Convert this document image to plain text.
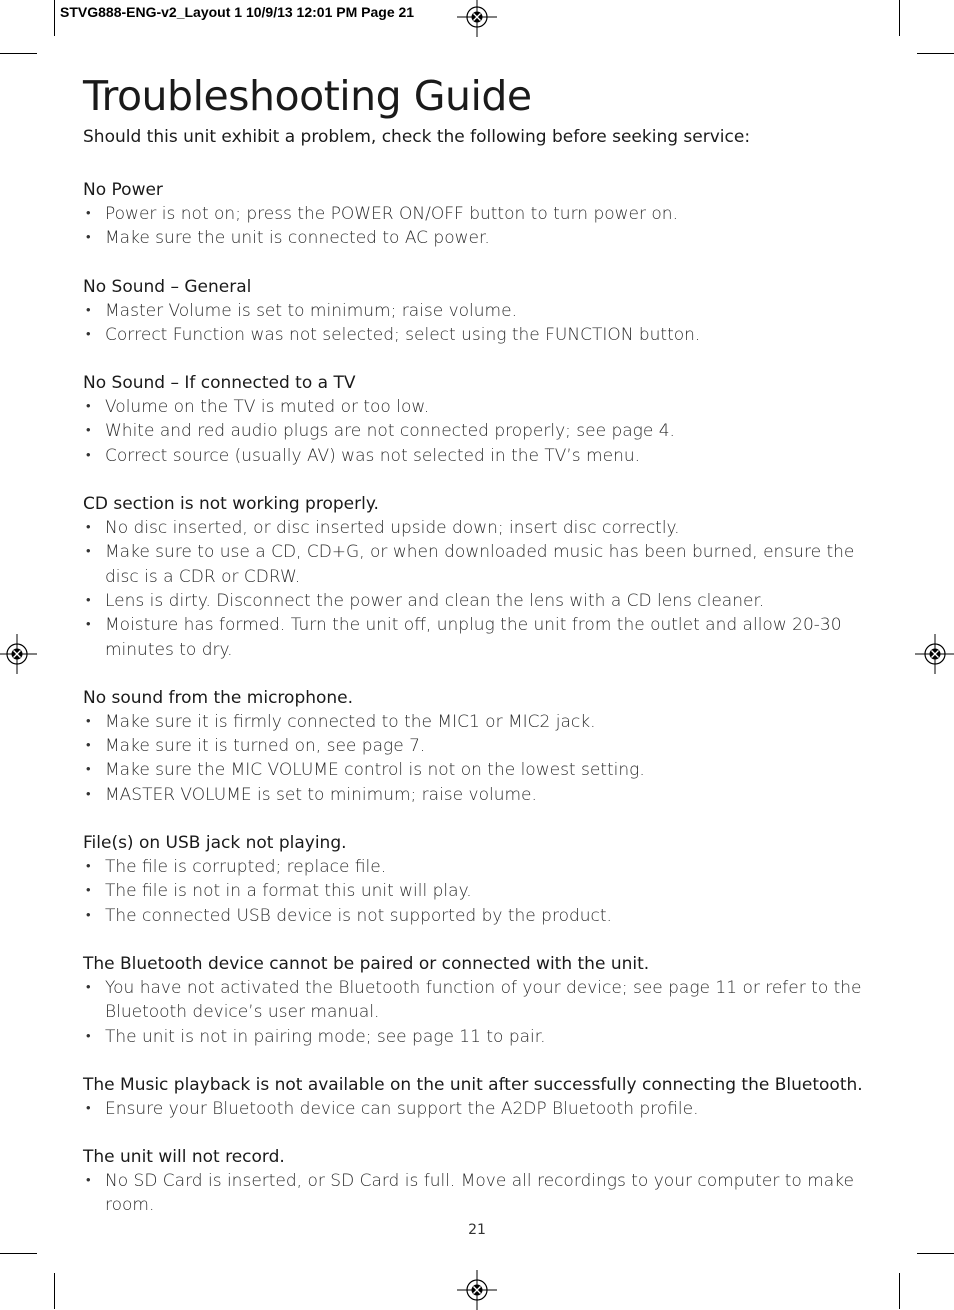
STVG888-ENG-v2_Layout 1 10/9/13 12:01 PM Page 21
Troubleshooting Guide

Should this unit exhibit a problem, check the following before seeking service:

No Power

• Power is not on; press the POWER ON/OFF button to turn power on.
• Make sure the unit is connected to AC power.

No Sound – General

• Master Volume is set to minimum; raise volume.
• Correct Function was not selected; select using the FUNCTION button.

No Sound – If connected to a TV

• Volume on the TV is muted or too low.
• White and red audio plugs are not connected properly; see page 4.
• Correct source (usually AV) was not selected in the TV’s menu.

CD section is not working properly.

• No disc inserted, or disc inserted upside down; insert disc correctly.
• Make sure to use a CD, CD+G, or when downloaded music has been burned, ensure the disc is a CDR or CDRW.
• Lens is dirty. Disconnect the power and clean the lens with a CD lens cleaner.
• Moisture has formed. Turn the unit off, unplug the unit from the outlet and allow 20-30 minutes to dry.

No sound from the microphone.

• Make sure it is firmly connected to the MIC1 or MIC2 jack.
• Make sure it is turned on, see page 7.
• Make sure the MIC VOLUME control is not on the lowest setting.
• MASTER VOLUME is set to minimum; raise volume.

File(s) on USB jack not playing.

• The file is corrupted; replace file.
• The file is not in a format this unit will play.
• The connected USB device is not supported by the product.

The Bluetooth device cannot be paired or connected with the unit.

• You have not activated the Bluetooth function of your device; see page 11 or refer to the Bluetooth device’s user manual.
• The unit is not in pairing mode; see page 11 to pair.

The Music playback is not available on the unit after successfully connecting the Bluetooth.

• Ensure your Bluetooth device can support the A2DP Bluetooth profile.

The unit will not record.

• No SD Card is inserted, or SD Card is full. Move all recordings to your computer to make room.
21
